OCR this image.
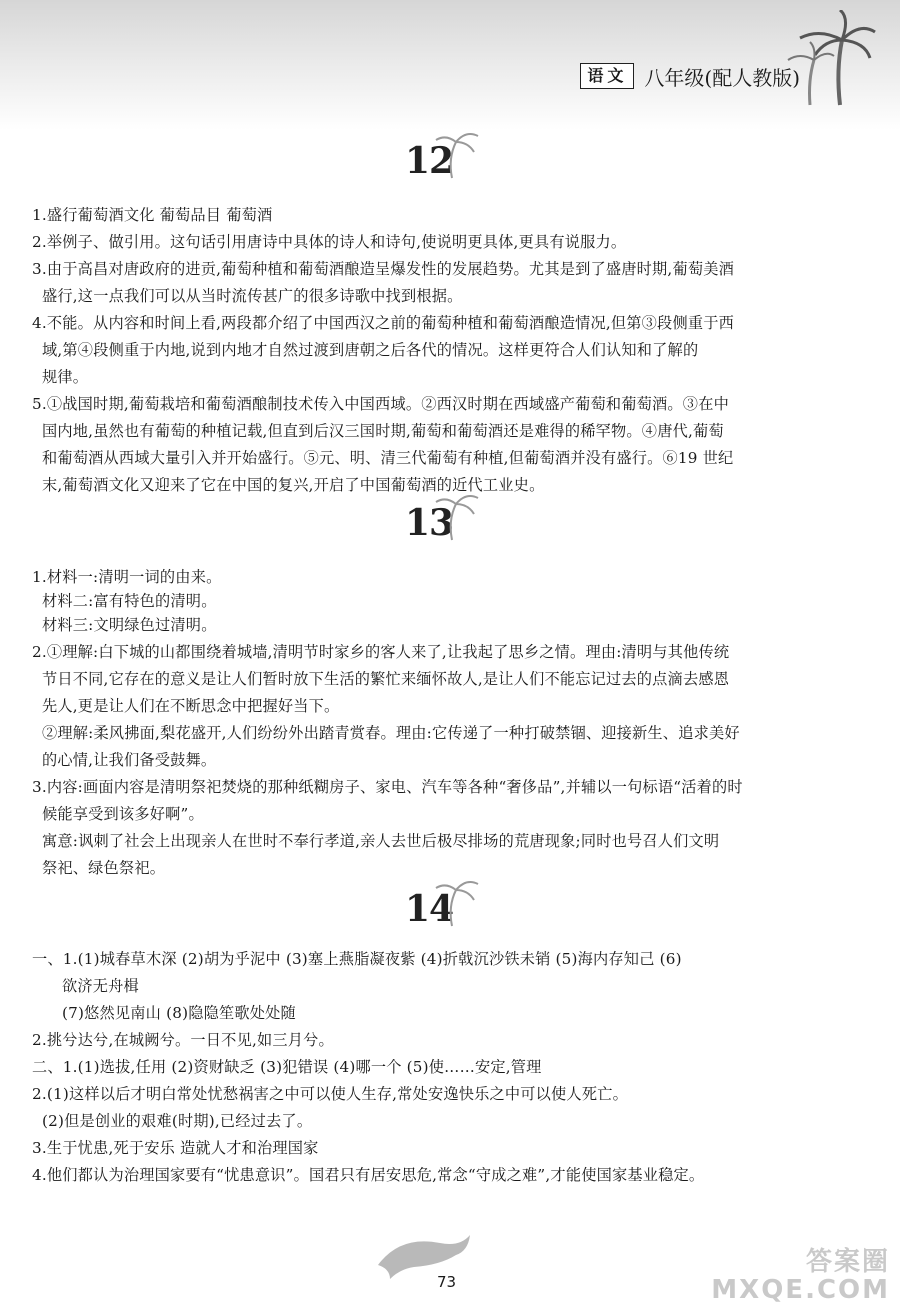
语文 八年级(配人教版)
12
1.盛行葡萄酒文化 葡萄品目 葡萄酒
2.举例子、做引用。这句话引用唐诗中具体的诗人和诗句,使说明更具体,更具有说服力。
3.由于高昌对唐政府的进贡,葡萄种植和葡萄酒酿造呈爆发性的发展趋势。尤其是到了盛唐时期,葡萄美酒
盛行,这一点我们可以从当时流传甚广的很多诗歌中找到根据。
4.不能。从内容和时间上看,两段都介绍了中国西汉之前的葡萄种植和葡萄酒酿造情况,但第③段侧重于西
域,第④段侧重于内地,说到内地才自然过渡到唐朝之后各代的情况。这样更符合人们认知和了解的
规律。
5.①战国时期,葡萄栽培和葡萄酒酿制技术传入中国西域。②西汉时期在西域盛产葡萄和葡萄酒。③在中
国内地,虽然也有葡萄的种植记载,但直到后汉三国时期,葡萄和葡萄酒还是难得的稀罕物。④唐代,葡萄
和葡萄酒从西域大量引入并开始盛行。⑤元、明、清三代葡萄有种植,但葡萄酒并没有盛行。⑥19 世纪
末,葡萄酒文化又迎来了它在中国的复兴,开启了中国葡萄酒的近代工业史。
13
1.材料一:清明一词的由来。
材料二:富有特色的清明。
材料三:文明绿色过清明。
2.①理解:白下城的山都围绕着城墙,清明节时家乡的客人来了,让我起了思乡之情。理由:清明与其他传统
节日不同,它存在的意义是让人们暂时放下生活的繁忙来缅怀故人,是让人们不能忘记过去的点滴去感恩
先人,更是让人们在不断思念中把握好当下。
②理解:柔风拂面,梨花盛开,人们纷纷外出踏青赏春。理由:它传递了一种打破禁锢、迎接新生、追求美好
的心情,让我们备受鼓舞。
3.内容:画面内容是清明祭祀焚烧的那种纸糊房子、家电、汽车等各种“奢侈品”,并辅以一句标语“活着的时
候能享受到该多好啊”。
寓意:讽刺了社会上出现亲人在世时不奉行孝道,亲人去世后极尽排场的荒唐现象;同时也号召人们文明
祭祀、绿色祭祀。
14
一、1.(1)城春草木深 (2)胡为乎泥中 (3)塞上燕脂凝夜紫 (4)折戟沉沙铁未销 (5)海内存知己 (6)
欲济无舟楫
(7)悠然见南山 (8)隐隐笙歌处处随
2.挑兮达兮,在城阙兮。一日不见,如三月兮。
二、1.(1)选拔,任用 (2)资财缺乏 (3)犯错误 (4)哪一个 (5)使……安定,管理
2.(1)这样以后才明白常处忧愁祸害之中可以使人生存,常处安逸快乐之中可以使人死亡。
(2)但是创业的艰难(时期),已经过去了。
3.生于忧患,死于安乐 造就人才和治理国家
4.他们都认为治理国家要有“忧患意识”。国君只有居安思危,常念“守成之难”,才能使国家基业稳定。
73
答案圈
MXQE.COM
